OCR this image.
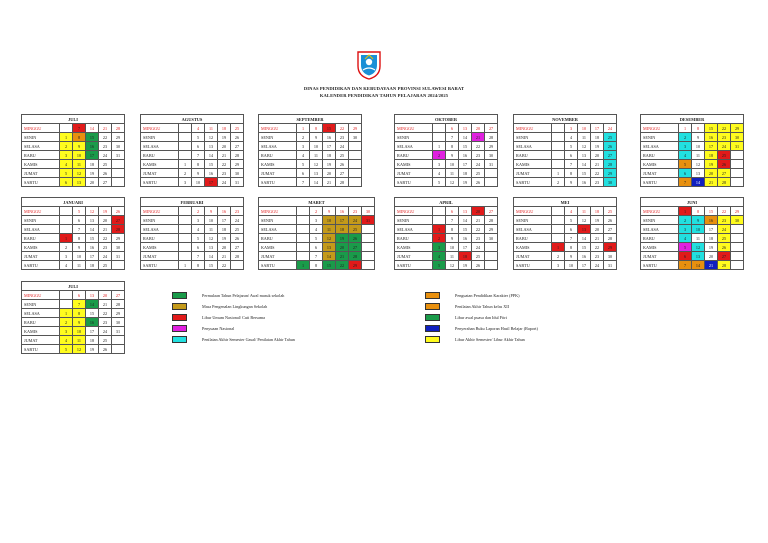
DINAS PENDIDIKAN DAN KEBUDAYAAN PROVINSI SULAWESI BARAT
KALENDER PENDIDIKAN TAHUN PELAJARAN 2024/2025
JULI					
MINGGU		7	14	21	28
SENIN	1	8	15	22	29
SELASA	2	9	16	23	30
RABU	3	10	17	24	31
KAMIS	4	11	18	25	
JUMAT	5	12	19	26	
SABTU	6	13	20	27	
AGUSTUS					
MINGGU		4	11	18	25
SENIN		5	12	19	26
SELASA		6	13	20	27
RABU		7	14	21	28
KAMIS	1	8	15	22	29
JUMAT	2	9	16	23	30
SABTU	3	10	17	24	31
SEPTEMBER					
MINGGU	1	8	15	22	29
SENIN	2	9	16	23	30
SELASA	3	10	17	24	
RABU	4	11	18	25	
KAMIS	5	12	19	26	
JUMAT	6	13	20	27	
SABTU	7	14	21	28	
OKTOBER					
MINGGU		6	13	20	27
SENIN		7	14	21	28
SELASA	1	8	15	22	29
RABU	2	9	16	23	30
KAMIS	3	10	17	24	31
JUMAT	4	11	18	25	
SABTU	5	12	19	26	
NOVEMBER					
MINGGU		3	10	17	24
SENIN		4	11	18	25
SELASA		5	12	19	26
RABU		6	13	20	27
KAMIS		7	14	21	28
JUMAT	1	8	15	22	29
SABTU	2	9	16	23	30
DESEMBER					
MINGGU	1	8	15	22	29
SENIN	2	9	16	23	30
SELASA	3	10	17	24	31
RABU	4	11	18	25	
KAMIS	5	12	19	26	
JUMAT	6	13	20	27	
SABTU	7	14	21	28	
JANUARI					
MINGGU		5	12	19	26
SENIN		6	13	20	27
SELASA		7	14	21	28
RABU	1	8	15	22	29
KAMIS	2	9	16	23	30
JUMAT	3	10	17	24	31
SABTU	4	11	18	25	
FEBRUARI					
MINGGU		2	9	16	23
SENIN		3	10	17	24
SELASA		4	11	18	25
RABU		5	12	19	26
KAMIS		6	13	20	27
JUMAT		7	14	21	28
SABTU	1	8	15	22	
MARET						
MINGGU		2	9	16	23	30
SENIN		3	10	17	24	31
SELASA		4	11	18	25	
RABU		5	12	19	26	
KAMIS		6	13	20	27	
JUMAT		7	14	21	28	
SABTU	1	8	15	22	29	
APRIL					
MINGGU		6	13	20	27
SENIN		7	14	21	28
SELASA	1	8	15	22	29
RABU	2	9	16	23	30
KAMIS	3	10	17	24	
JUMAT	4	11	18	25	
SABTU	5	12	19	26	
MEI					
MINGGU		4	11	18	25
SENIN		5	12	19	26
SELASA		6	13	20	27
RABU		7	14	21	28
KAMIS	1	8	15	22	29
JUMAT	2	9	16	23	30
SABTU	3	10	17	24	31
JUNI					
MINGGU	1	8	15	22	29
SENIN	2	9	16	23	30
SELASA	3	10	17	24	
RABU	4	11	18	25	
KAMIS	5	12	19	26	
JUMAT	6	13	20	27	
SABTU	7	14	21	28	
JULI					
MINGGU		6	13	20	27
SENIN		7	14	21	28
SELASA	1	8	15	22	29
RABU	2	9	16	23	30
KAMIS	3	10	17	24	31
JUMAT	4	11	18	25	
SABTU	5	12	19	26	
Permulaan Tahun Pelajaran/ Awal masuk sekolah
Masa Pengenalan Lingkungan Sekolah
Libur Umum Nasional/ Cuti Bersama
Penyuaan Nasional
Penilaian Akhir Semester Gasal/ Penilaian Akhir Tahun
Penguatan Pendidikan Karakter (PPK)
Penilaian Akhir Tahun kelas XII
Libur awal puasa dan Idul Fitri
Penyerahan Buku Laporan Hasil Belajar (Raport)
Libur Akhir Semester/ Libur Akhir Tahun
